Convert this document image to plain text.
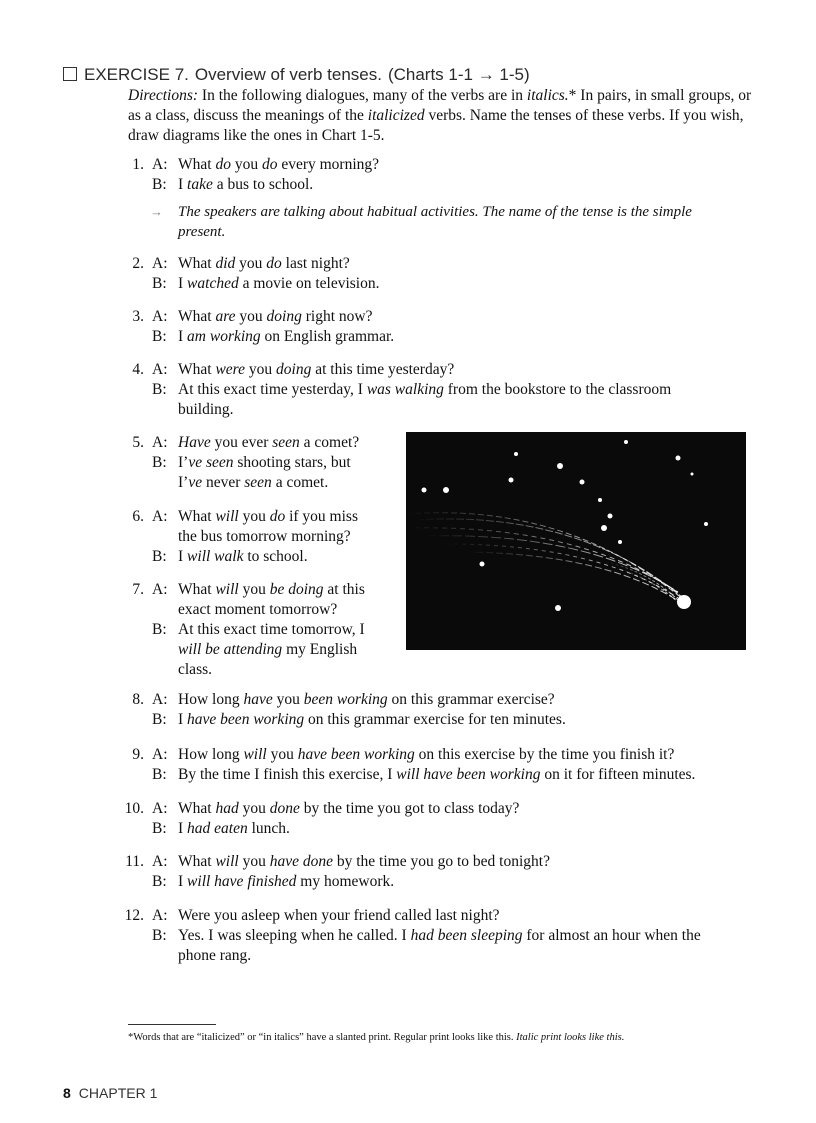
EXERCISE 7. Overview of verb tenses. (Charts 1-1 → 1-5)
Directions: In the following dialogues, many of the verbs are in italics.* In pairs, in small groups, or as a class, discuss the meanings of the italicized verbs. Name the tenses of these verbs. If you wish, draw diagrams like the ones in Chart 1-5.
1. A: What do you do every morning?
B: I take a bus to school.
→ The speakers are talking about habitual activities. The name of the tense is the simple
present.
2. A: What did you do last night?
B: I watched a movie on television.
3. A: What are you doing right now?
B: I am working on English grammar.
4. A: What were you doing at this time yesterday?
B: At this exact time yesterday, I was walking from the bookstore to the classroom
building.
5. A: Have you ever seen a comet?
B: I’ve seen shooting stars, but
I’ve never seen a comet.
6. A: What will you do if you miss
the bus tomorrow morning?
B: I will walk to school.
7. A: What will you be doing at this
exact moment tomorrow?
B: At this exact time tomorrow, I
will be attending my English
class.
8. A: How long have you been working on this grammar exercise?
B: I have been working on this grammar exercise for ten minutes.
9. A: How long will you have been working on this exercise by the time you finish it?
B: By the time I finish this exercise, I will have been working on it for fifteen minutes.
10. A: What had you done by the time you got to class today?
B: I had eaten lunch.
11. A: What will you have done by the time you go to bed tonight?
B: I will have finished my homework.
12. A: Were you asleep when your friend called last night?
B: Yes. I was sleeping when he called. I had been sleeping for almost an hour when the
phone rang.
*Words that are “italicized” or “in italics” have a slanted print. Regular print looks like this. Italic print looks like this.
8 CHAPTER 1
